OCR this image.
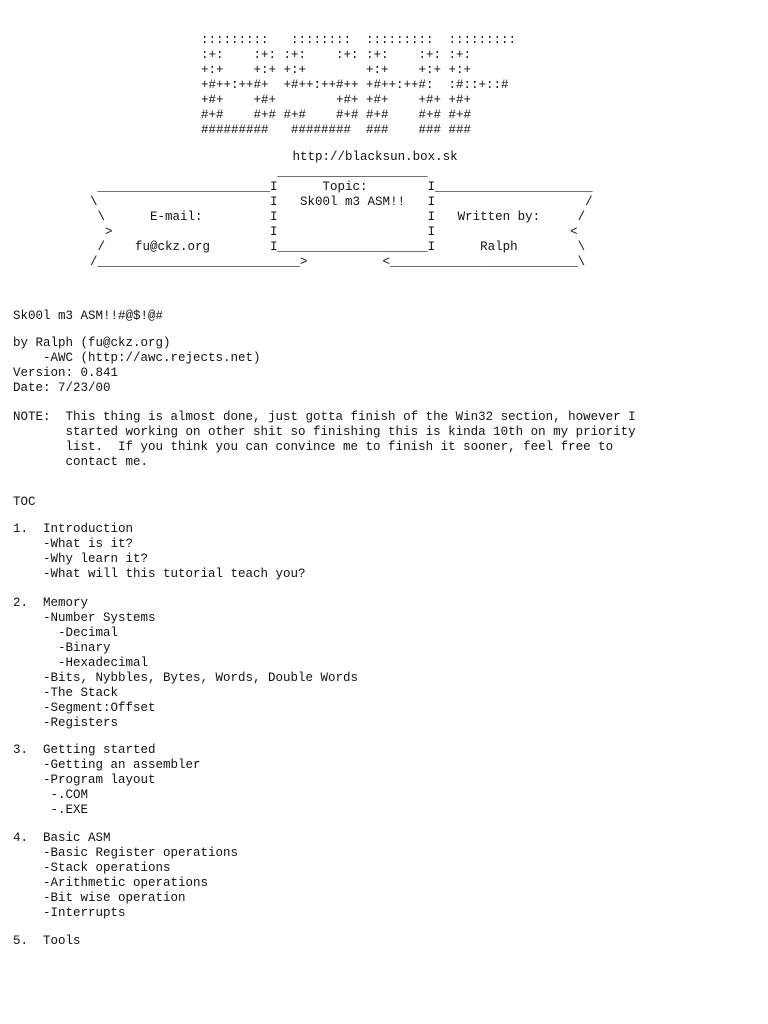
:::::::::   ::::::::  :::::::::  :::::::::
:+:    :+: :+:    :+: :+:    :+: :+:
+:+    +:+ +:+        +:+    +:+ +:+
+#++:++#+  +#++:++#++ +#++:++#:  :#::+::#
+#+    +#+        +#+ +#+    +#+ +#+
#+#    #+# #+#    #+# #+#    #+# #+#
#########   ########  ###    ### ###
http://blacksun.box.sk
____________________
_______________________I      Topic:        I_____________________
\                       I   Sk00l m3 ASM!!   I                    /
\      E-mail:         I                    I   Written by:     /
>                     I                    I                  <
/    fu@ckz.org        I____________________I      Ralph        \
/___________________________>          <_________________________\
Sk00l m3 ASM!!#@$!@#
by Ralph (fu@ckz.org)
-AWC (http://awc.rejects.net)
Version: 0.841
Date: 7/23/00
NOTE:  This thing is almost done, just gotta finish of the Win32 section, however I
started working on other shit so finishing this is kinda 10th on my priority
list.  If you think you can convince me to finish it sooner, feel free to
contact me.
TOC
1.  Introduction
-What is it?
-Why learn it?
-What will this tutorial teach you?
2.  Memory
-Number Systems
-Decimal
-Binary
-Hexadecimal
-Bits, Nybbles, Bytes, Words, Double Words
-The Stack
-Segment:Offset
-Registers
3.  Getting started
-Getting an assembler
-Program layout
-.COM
-.EXE
4.  Basic ASM
-Basic Register operations
-Stack operations
-Arithmetic operations
-Bit wise operation
-Interrupts
5.  Tools
